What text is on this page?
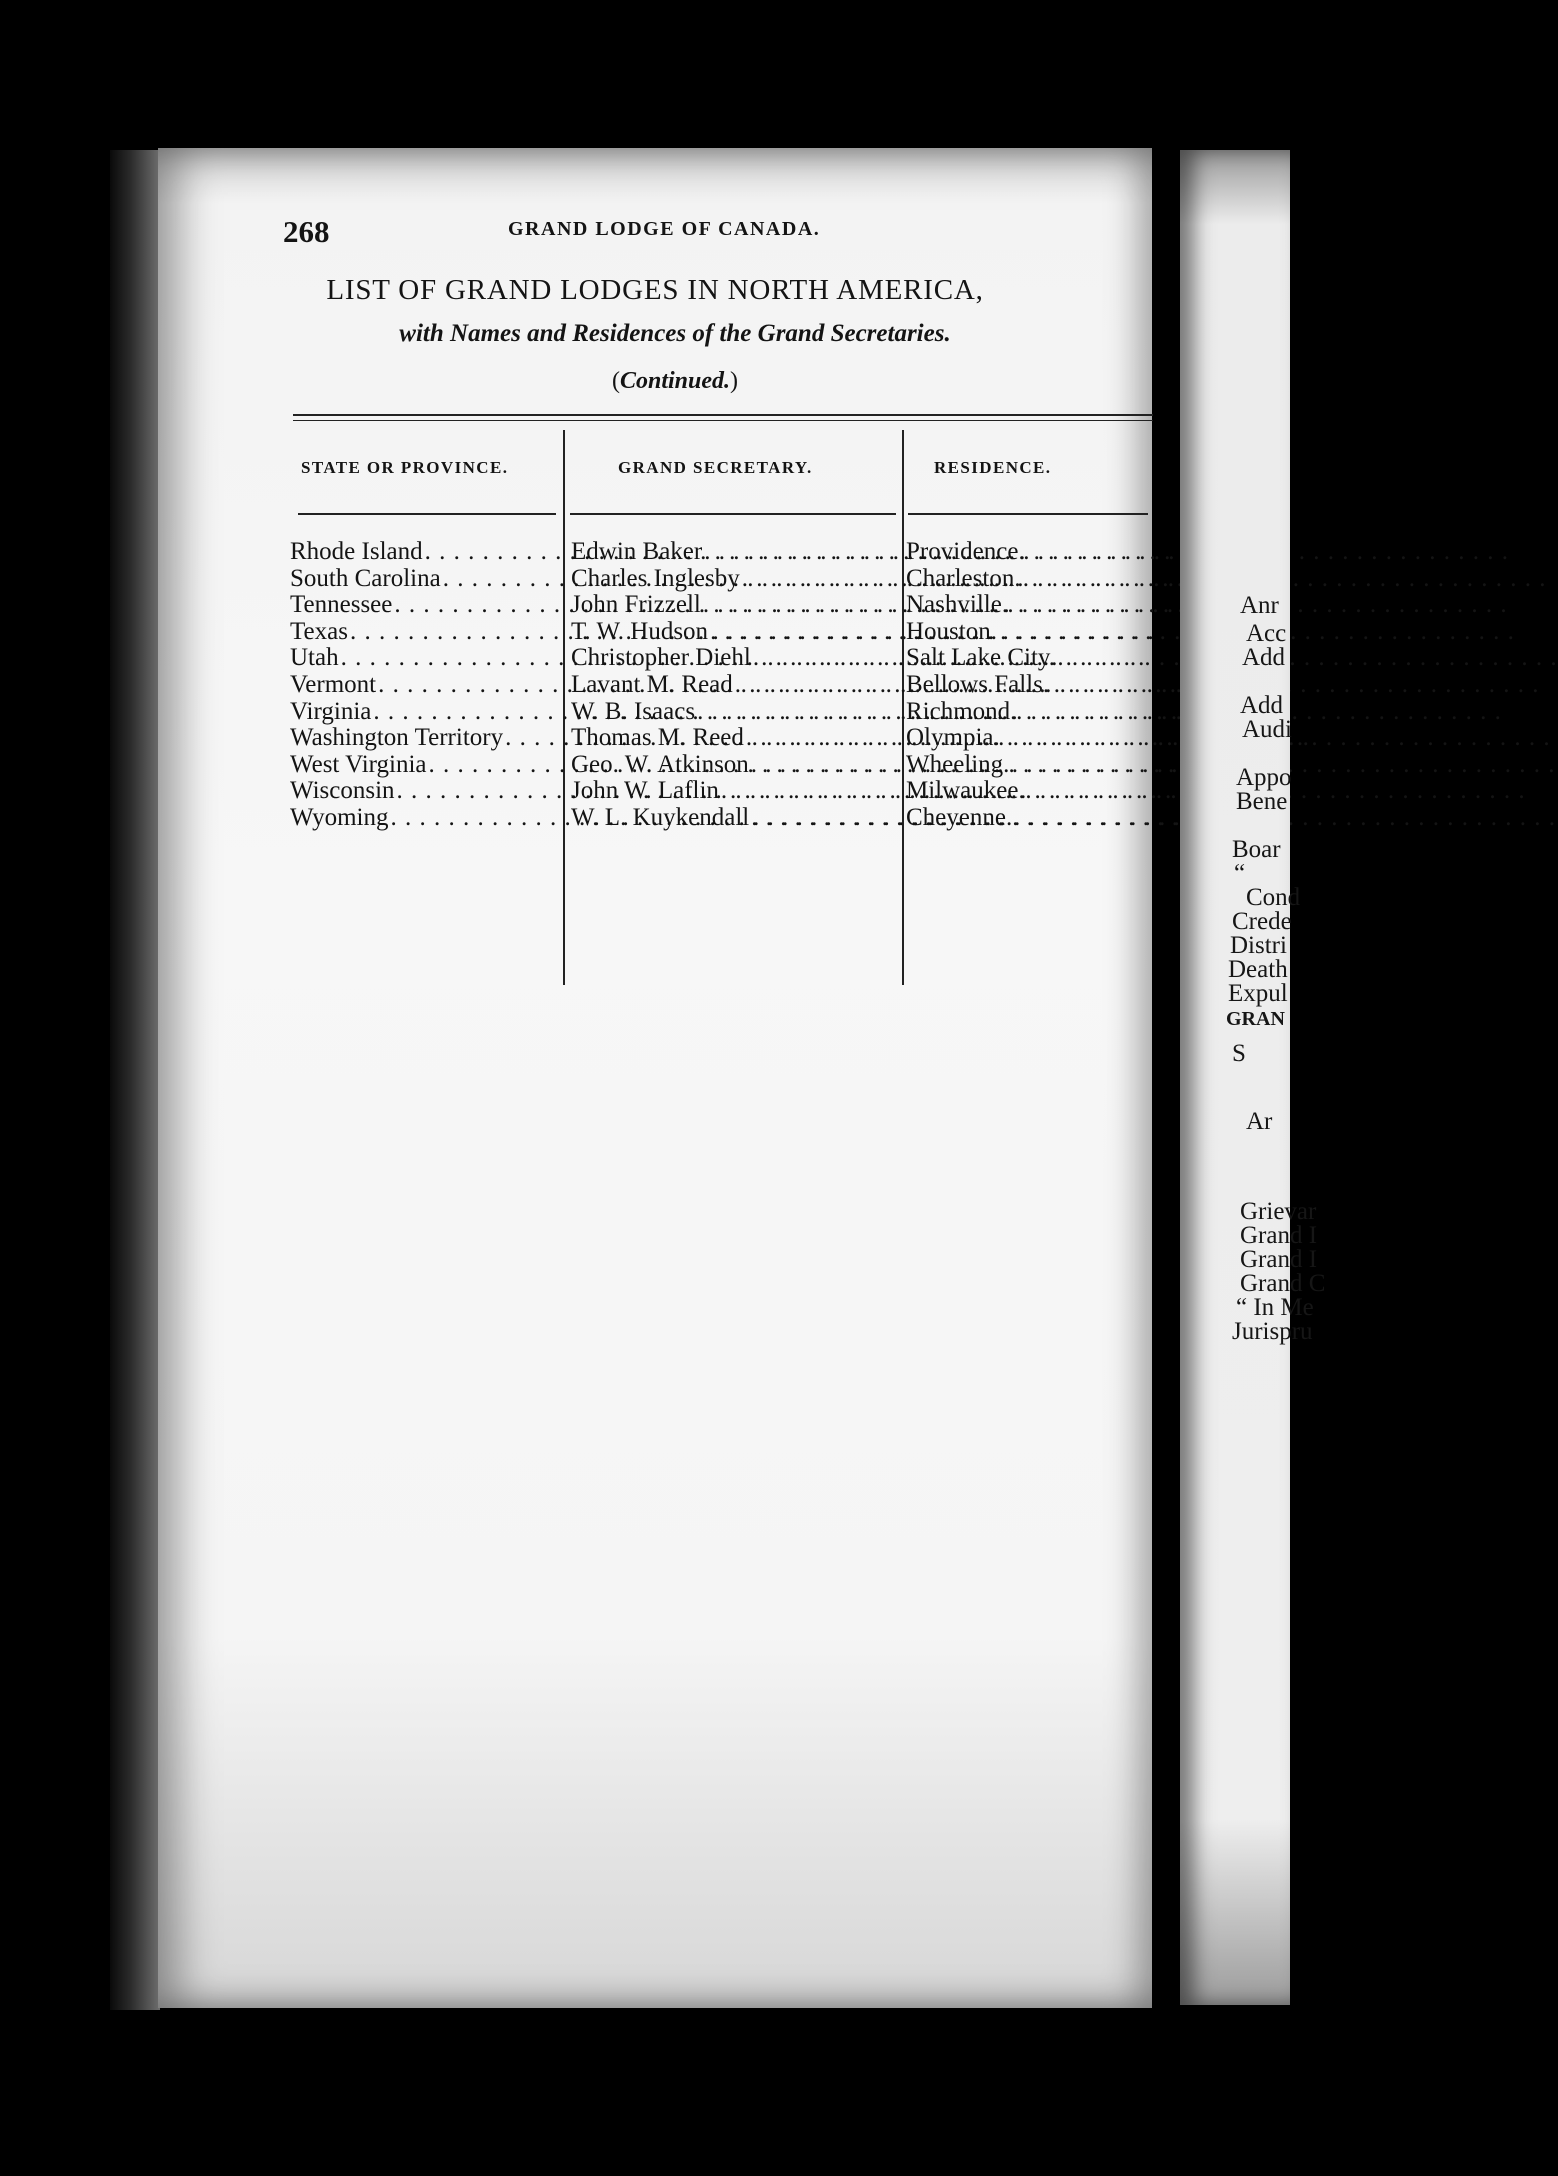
268	GRAND LODGE OF CANADA.
LIST OF GRAND LODGES IN NORTH AMERICA,
with Names and Residences of the Grand Secretaries.
(Continued.)
STATE OR PROVINCE.	GRAND SECRETARY.	RESIDENCE.
Rhode Island . . .	Edwin Baker . . .	Providence.
South Carolina . . .	Charles Inglesby . . .	Charleston.
Tennessee . . .	John Frizzell . . .	Nashville.
Texas . . .	T. W. Hudson . . .	Houston.
Utah . . .	Christopher Diehl . . .	Salt Lake City.
Vermont . . .	Lavant M. Read . . .	Bellows Falls.
Virginia . . .	W. B. Isaacs . . .	Richmond.
Washington Territory . . .	Thomas M. Reed . . .	Olympia.
West Virginia . . .	Geo. W. Atkinson . . .	Wheeling.
Wisconsin . . .	John W. Laflin . . .	Milwaukee.
Wyoming . . .	W. L. Kuykendall . . .	Cheyenne.
Anr
Acc
Add
Add
Audi
Appo
Bene
Boar
“
Cond
Crede
Distri
Death
Expul
GRAN
S
Ar
Grievar
Grand I
Grand I
Grand C
“ In Me
Jurispru
